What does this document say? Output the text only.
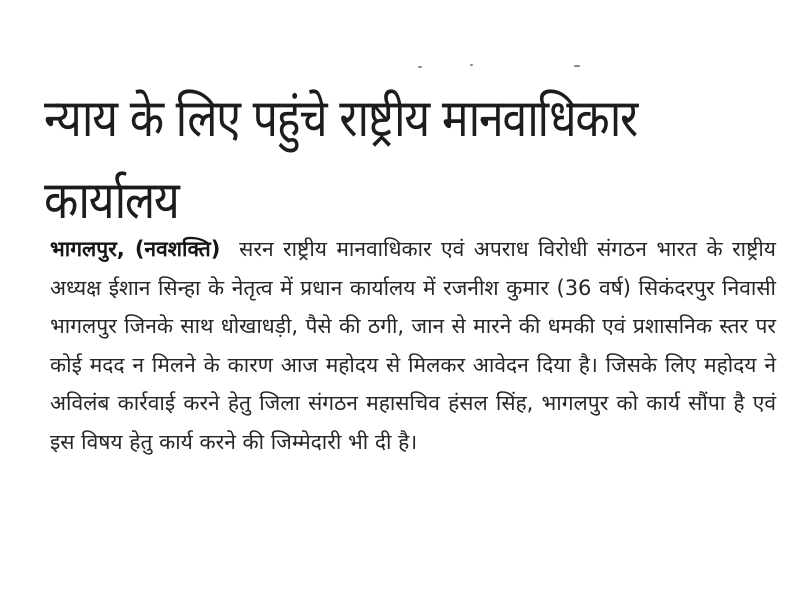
न्याय के लिए पहुंचे राष्ट्रीय मानवाधिकार कार्यालय

भागलपुर, (नवशक्ति) सरन राष्ट्रीय मानवाधिकार एवं अपराध विरोधी संगठन भारत के राष्ट्रीय अध्यक्ष ईशान सिन्हा के नेतृत्व में प्रधान कार्यालय में रजनीश कुमार (36 वर्ष) सिकंदरपुर निवासी भागलपुर जिनके साथ धोखाधड़ी, पैसे की ठगी, जान से मारने की धमकी एवं प्रशासनिक स्तर पर कोई मदद न मिलने के कारण आज महोदय से मिलकर आवेदन दिया है। जिसके लिए महोदय ने अविलंब कार्रवाई करने हेतु जिला संगठन महासचिव हंसल सिंह, भागलपुर को कार्य सौंपा है एवं इस विषय हेतु कार्य करने की जिम्मेदारी भी दी है।
